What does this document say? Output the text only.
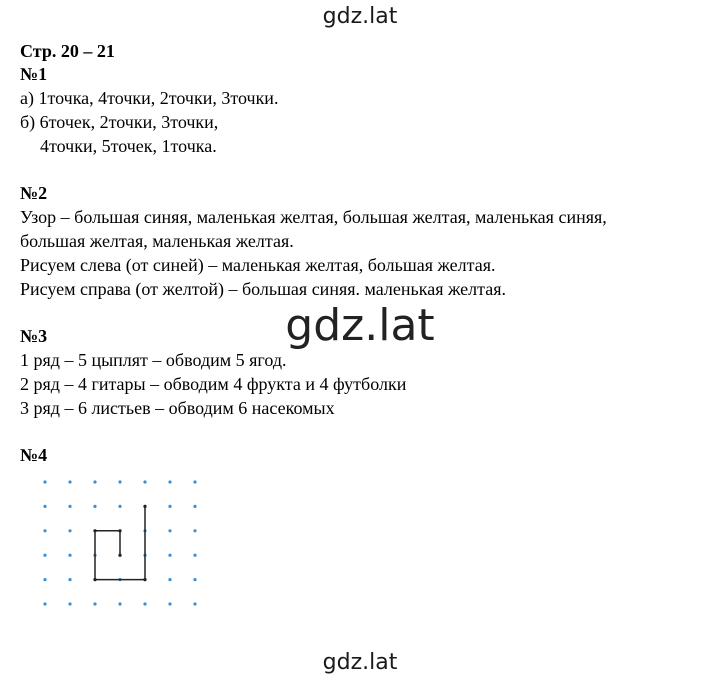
gdz.lat
Стр. 20 – 21
№1
а) 1точка, 4точки, 2точки, 3точки.
б) 6точек, 2точки, 3точки,
4точки, 5точек, 1точка.
№2
Узор – большая синяя, маленькая желтая, большая желтая, маленькая синяя,
большая желтая, маленькая желтая.
Рисуем слева (от синей) – маленькая желтая, большая желтая.
Рисуем справа (от желтой) – большая синяя. маленькая желтая.
№3
1 ряд – 5 цыплят – обводим 5 ягод.
2 ряд – 4 гитары – обводим 4 фрукта и 4 футболки
3 ряд – 6 листьев – обводим 6 насекомых
№4
gdz.lat
gdz.lat
